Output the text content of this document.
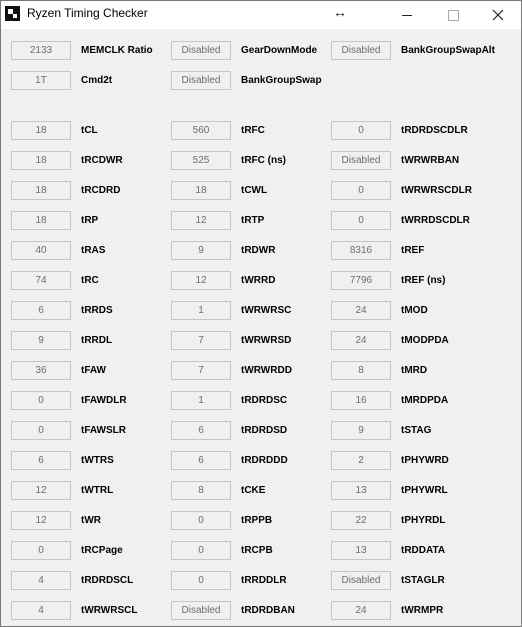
Ryzen Timing Checker	↔
2133	MEMCLK Ratio	Disabled	GearDownMode	Disabled	BankGroupSwapAlt
1T	Cmd2t	Disabled	BankGroupSwap
18	tCL	560	tRFC	0	tRDRDSCDLR
18	tRCDWR	525	tRFC (ns)	Disabled	tWRWRBAN
18	tRCDRD	18	tCWL	0	tWRWRSCDLR
18	tRP	12	tRTP	0	tWRRDSCDLR
40	tRAS	9	tRDWR	8316	tREF
74	tRC	12	tWRRD	7796	tREF (ns)
6	tRRDS	1	tWRWRSC	24	tMOD
9	tRRDL	7	tWRWRSD	24	tMODPDA
36	tFAW	7	tWRWRDD	8	tMRD
0	tFAWDLR	1	tRDRDSC	16	tMRDPDA
0	tFAWSLR	6	tRDRDSD	9	tSTAG
6	tWTRS	6	tRDRDDD	2	tPHYWRD
12	tWTRL	8	tCKE	13	tPHYWRL
12	tWR	0	tRPPB	22	tPHYRDL
0	tRCPage	0	tRCPB	13	tRDDATA
4	tRDRDSCL	0	tRRDDLR	Disabled	tSTAGLR
4	tWRWRSCL	Disabled	tRDRDBAN	24	tWRMPR
